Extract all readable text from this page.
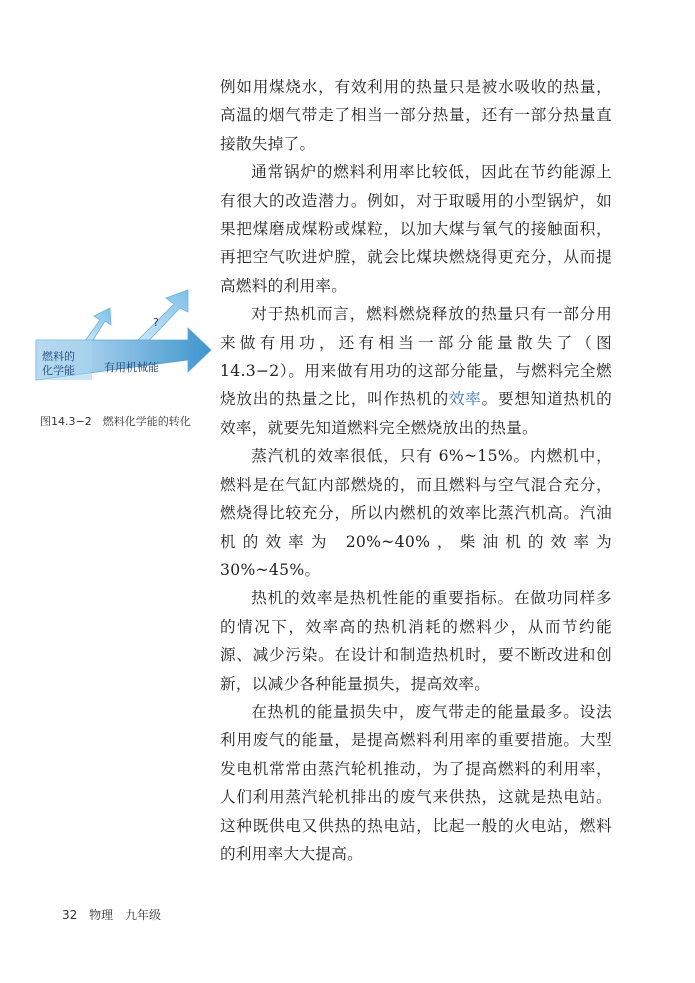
例如用煤烧水，有效利用的热量只是被水吸收的热量，高温的烟气带走了相当一部分热量，还有一部分热量直接散失掉了。

通常锅炉的燃料利用率比较低，因此在节约能源上有很大的改造潜力。例如，对于取暖用的小型锅炉，如果把煤磨成煤粉或煤粒，以加大煤与氧气的接触面积，再把空气吹进炉膛，就会比煤块燃烧得更充分，从而提高燃料的利用率。

对于热机而言，燃料燃烧释放的热量只有一部分用来做有用功，还有相当一部分能量散失了（图 14.3−2）。用来做有用功的这部分能量，与燃料完全燃烧放出的热量之比，叫作热机的效率。要想知道热机的效率，就要先知道燃料完全燃烧放出的热量。

蒸汽机的效率很低，只有 6%~15%。内燃机中，燃料是在气缸内部燃烧的，而且燃料与空气混合充分，燃烧得比较充分，所以内燃机的效率比蒸汽机高。汽油机的效率为 20%~40%，柴油机的效率为 30%~45%。

热机的效率是热机性能的重要指标。在做功同样多的情况下，效率高的热机消耗的燃料少，从而节约能源、减少污染。在设计和制造热机时，要不断改进和创新，以减少各种能量损失，提高效率。

在热机的能量损失中，废气带走的能量最多。设法利用废气的能量，是提高燃料利用率的重要措施。大型发电机常常由蒸汽轮机推动，为了提高燃料的利用率，人们利用蒸汽轮机排出的废气来供热，这就是热电站。这种既供电又供热的热电站，比起一般的火电站，燃料的利用率大大提高。

燃料的
化学能	有用机械能
?
图14.3−2　燃料化学能的转化
32 物理 九年级
